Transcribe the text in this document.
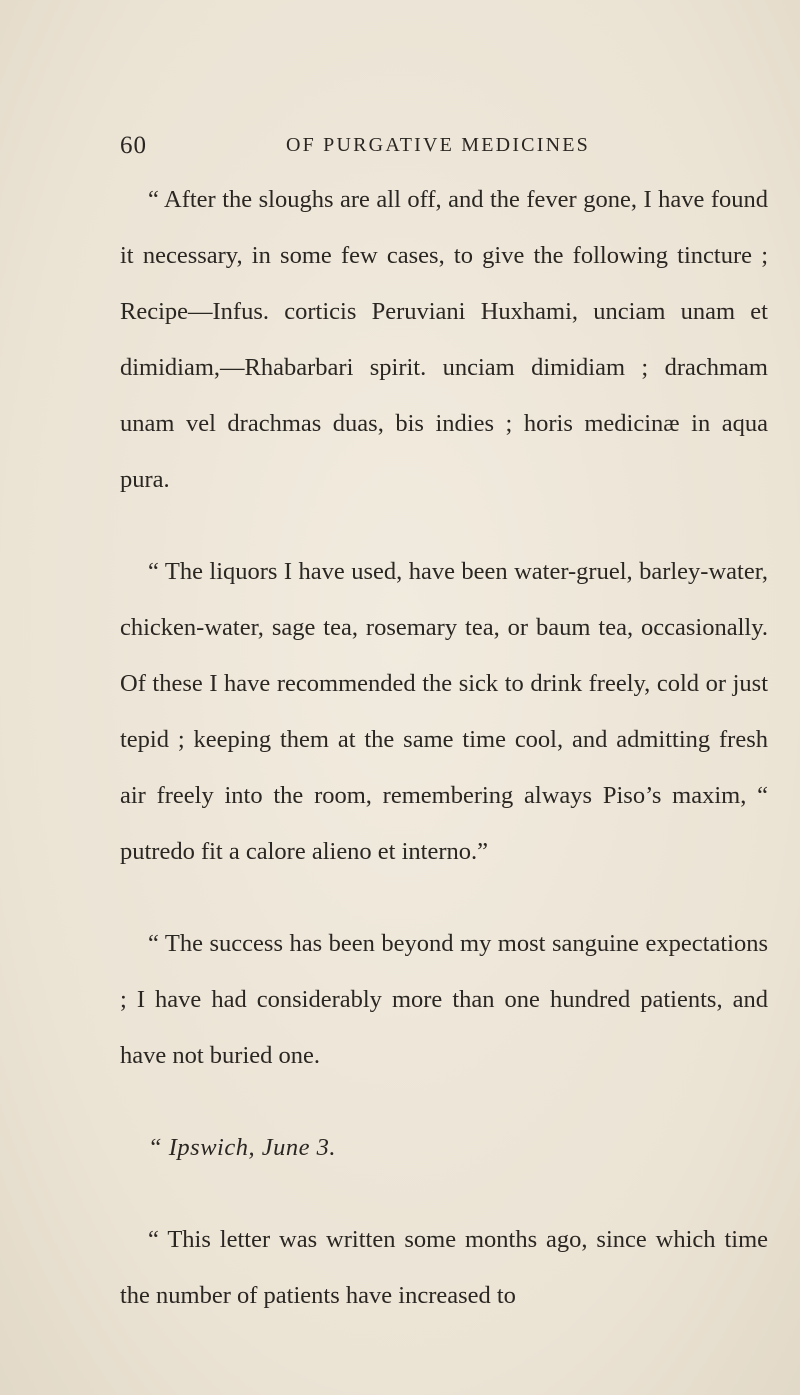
60	OF PURGATIVE MEDICINES

“ After the sloughs are all off, and the fever gone, I have found it necessary, in some few cases, to give the following tincture ; Recipe—Infus. corticis Peruviani Huxhami, unciam unam et dimidiam,—Rhabarbari spirit. unciam dimidiam ; drachmam unam vel drachmas duas, bis indies ; horis medicinæ in aqua pura.

“ The liquors I have used, have been water-gruel, barley-water, chicken-water, sage tea, rosemary tea, or baum tea, occasionally. Of these I have recommended the sick to drink freely, cold or just tepid ; keeping them at the same time cool, and admitting fresh air freely into the room, remembering always Piso’s maxim, “ putredo fit a calore alieno et interno.”

“ The success has been beyond my most sanguine expectations ; I have had considerably more than one hundred patients, and have not buried one.

“ Ipswich, June 3.

“ This letter was written some months ago, since which time the number of patients have increased to
